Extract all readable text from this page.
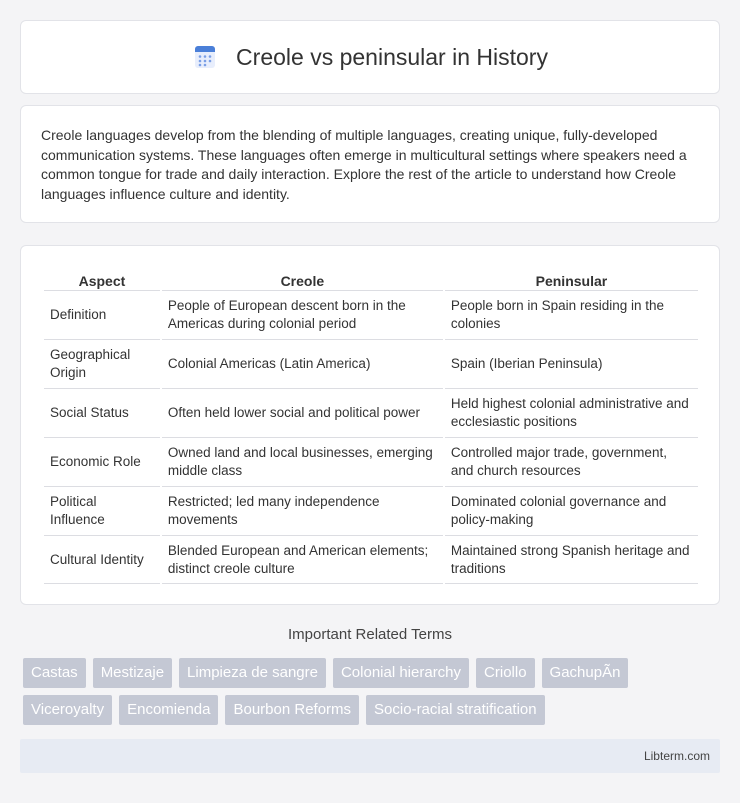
Creole vs peninsular in History

Creole languages develop from the blending of multiple languages, creating unique, fully-developed communication systems. These languages often emerge in multicultural settings where speakers need a common tongue for trade and daily interaction. Explore the rest of the article to understand how Creole languages influence culture and identity.

Aspect	Creole	Peninsular
Definition	People of European descent born in the Americas during colonial period	People born in Spain residing in the colonies
Geographical Origin	Colonial Americas (Latin America)	Spain (Iberian Peninsula)
Social Status	Often held lower social and political power	Held highest colonial administrative and ecclesiastic positions
Economic Role	Owned land and local businesses, emerging middle class	Controlled major trade, government, and church resources
Political Influence	Restricted; led many independence movements	Dominated colonial governance and policy-making
Cultural Identity	Blended European and American elements; distinct creole culture	Maintained strong Spanish heritage and traditions
Important Related Terms
Castas	Mestizaje	Limpieza de sangre	Colonial hierarchy	Criollo	GachupÃn
Viceroyalty	Encomienda	Bourbon Reforms	Socio-racial stratification
Libterm.com
